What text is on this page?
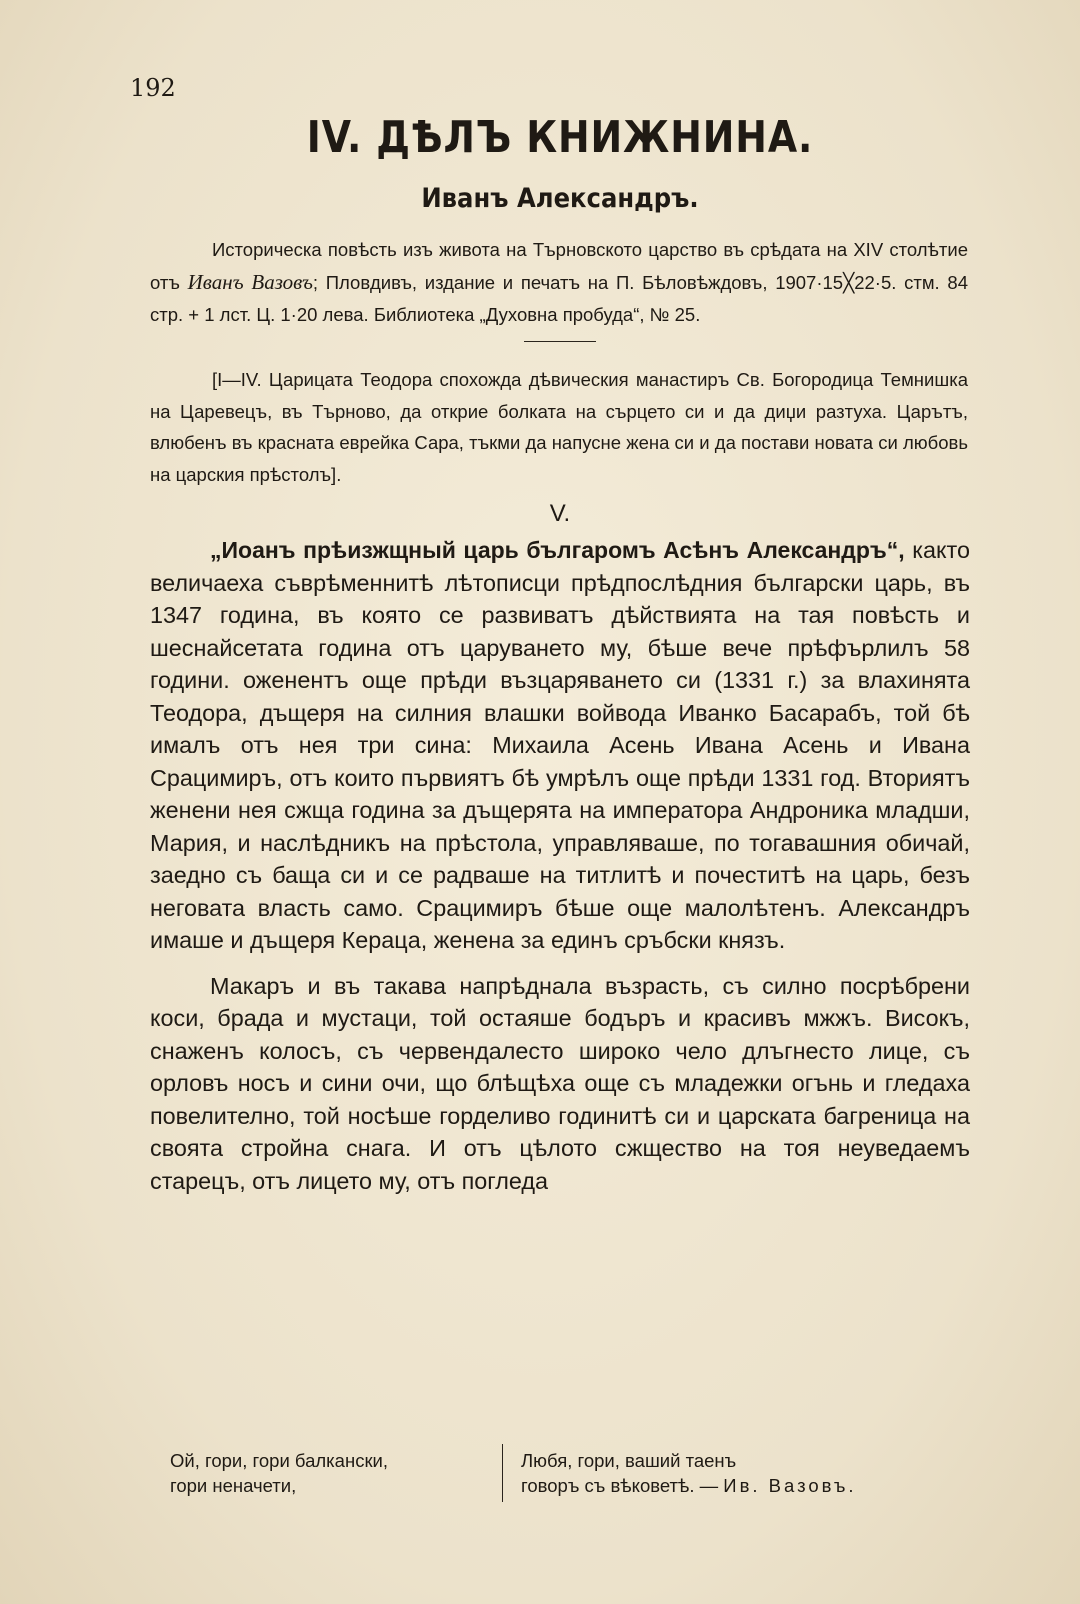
192
IV. ДѢЛЪ КНИЖНИНА.
Иванъ Александръ.

Историческа повѣсть изъ живота на Търновското царство въ срѣдата на XIV столѣтие отъ Иванъ Вазовъ; Пловдивъ, издание и печатъ на П. Бѣловѣждовъ, 1907·15╳22·5. стм. 84 стр. + 1 лст. Ц. 1·20 лева. Библиотека „Духовна пробуда“, № 25.

[I—IV. Царицата Теодора спохожда дѣвическия манастиръ Св. Богородица Темнишка на Царевецъ, въ Търново, да открие болката на сърцето си и да диџи разтуха. Царътъ, влюбенъ въ красната еврейка Сара, тъкми да напусне жена си и да постави новата си любовь на царския прѣстолъ].

V.

„Иоанъ прѣизжщный царь българомъ Асѣнъ Александръ“, както величаеха съврѣменнитѣ лѣтописци прѣдпослѣдния български царь, въ 1347 година, въ която се развиватъ дѣйствията на тая повѣсть и шеснайсетата година отъ царуването му, бѣше вече прѣфърлилъ 58 години. оженентъ още прѣди възцаряването си (1331 г.) за влахинята Теодора, дъщеря на силния влашки войвода Иванко Басарабъ, той бѣ ималъ отъ нея три сина: Михаила Асень Ивана Асень и Ивана Срацимиръ, отъ които първиятъ бѣ умрѣлъ още прѣди 1331 год. Вториятъ женени нея сжща година за дъщерята на императора Андроника младши, Мария, и наслѣдникъ на прѣстола, управляваше, по тогавашния обичай, заедно съ баща си и се радваше на титлитѣ и почеститѣ на царь, безъ неговата власть само. Срацимиръ бѣше още малолѣтенъ. Александръ имаше и дъщеря Кераца, женена за единъ сръбски князъ.

Макаръ и въ такава напрѣднала възрасть, съ силно посрѣбрени коси, брада и мустаци, той остаяше бодъръ и красивъ мжжъ. Високъ, снаженъ колосъ, съ червендалесто широко чело длъгнесто лице, съ орловъ носъ и сини очи, що блѣщѣха още съ младежки огънь и гледаха повелително, той носѣше горделиво годинитѣ си и царската багреница на своята стройна снага. И отъ цѣлото сжщество на тоя неуведаемъ старецъ, отъ лицето му, отъ погледа

Ой, гори, гори балкански,
гори неначети,
Любя, гори, ваший таенъ
говоръ съ вѣковетѣ. — Ив. Вазовъ.
